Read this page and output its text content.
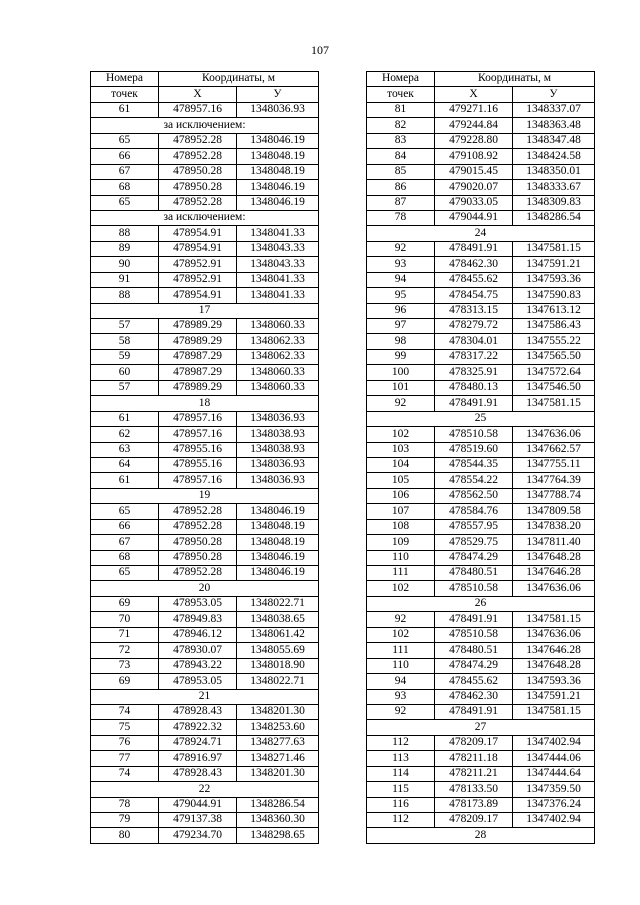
107
Номера	Координаты, м	
точек	Х	У
61	478957.16	1348036.93
за исключением:		
65	478952.28	1348046.19
66	478952.28	1348048.19
67	478950.28	1348048.19
68	478950.28	1348046.19
65	478952.28	1348046.19
за исключением:		
88	478954.91	1348041.33
89	478954.91	1348043.33
90	478952.91	1348043.33
91	478952.91	1348041.33
88	478954.91	1348041.33
17		
57	478989.29	1348060.33
58	478989.29	1348062.33
59	478987.29	1348062.33
60	478987.29	1348060.33
57	478989.29	1348060.33
18		
61	478957.16	1348036.93
62	478957.16	1348038.93
63	478955.16	1348038.93
64	478955.16	1348036.93
61	478957.16	1348036.93
19		
65	478952.28	1348046.19
66	478952.28	1348048.19
67	478950.28	1348048.19
68	478950.28	1348046.19
65	478952.28	1348046.19
20		
69	478953.05	1348022.71
70	478949.83	1348038.65
71	478946.12	1348061.42
72	478930.07	1348055.69
73	478943.22	1348018.90
69	478953.05	1348022.71
21		
74	478928.43	1348201.30
75	478922.32	1348253.60
76	478924.71	1348277.63
77	478916.97	1348271.46
74	478928.43	1348201.30
22		
78	479044.91	1348286.54
79	479137.38	1348360.30
80	479234.70	1348298.65
Номера	Координаты, м	
точек	Х	У
81	479271.16	1348337.07
82	479244.84	1348363.48
83	479228.80	1348347.48
84	479108.92	1348424.58
85	479015.45	1348350.01
86	479020.07	1348333.67
87	479033.05	1348309.83
78	479044.91	1348286.54
24		
92	478491.91	1347581.15
93	478462.30	1347591.21
94	478455.62	1347593.36
95	478454.75	1347590.83
96	478313.15	1347613.12
97	478279.72	1347586.43
98	478304.01	1347555.22
99	478317.22	1347565.50
100	478325.91	1347572.64
101	478480.13	1347546.50
92	478491.91	1347581.15
25		
102	478510.58	1347636.06
103	478519.60	1347662.57
104	478544.35	1347755.11
105	478554.22	1347764.39
106	478562.50	1347788.74
107	478584.76	1347809.58
108	478557.95	1347838.20
109	478529.75	1347811.40
110	478474.29	1347648.28
111	478480.51	1347646.28
102	478510.58	1347636.06
26		
92	478491.91	1347581.15
102	478510.58	1347636.06
111	478480.51	1347646.28
110	478474.29	1347648.28
94	478455.62	1347593.36
93	478462.30	1347591.21
92	478491.91	1347581.15
27		
112	478209.17	1347402.94
113	478211.18	1347444.06
114	478211.21	1347444.64
115	478133.50	1347359.50
116	478173.89	1347376.24
112	478209.17	1347402.94
28		
